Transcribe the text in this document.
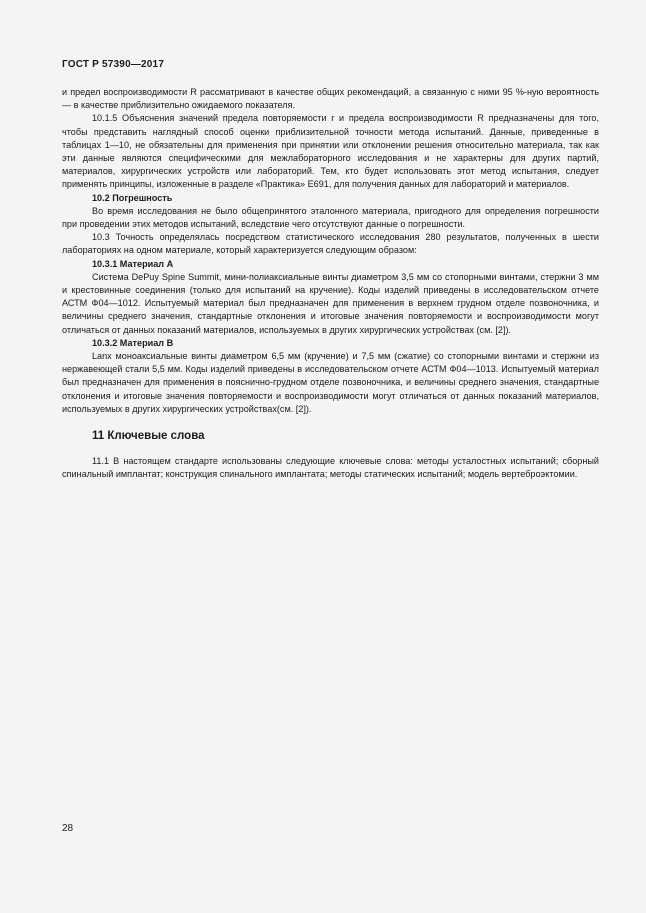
ГОСТ Р 57390—2017

и предел воспроизводимости R рассматривают в качестве общих рекомендаций, а связанную с ними 95 %-ную вероятность — в качестве приблизительно ожидаемого показателя.

10.1.5 Объяснения значений предела повторяемости r и предела воспроизводимости R предназначены для того, чтобы представить наглядный способ оценки приблизительной точности метода испытаний. Данные, приведенные в таблицах 1—10, не обязательны для применения при принятии или отклонении решения относительно материала, так как эти данные являются специфическими для межлабораторного исследования и не характерны для других партий, материалов, хирургических устройств или лабораторий. Тем, кто будет использовать этот метод испытания, следует применять принципы, изложенные в разделе «Практика» Е691, для получения данных для лабораторий и материалов.

10.2 Погрешность

Во время исследования не было общепринятого эталонного материала, пригодного для определения погрешности при проведении этих методов испытаний, вследствие чего отсутствуют данные о погрешности.

10.3 Точность определялась посредством статистического исследования 280 результатов, полученных в шести лабораториях на одном материале, который характеризуется следующим образом:

10.3.1 Материал А

Система DePuy Spine Summit, мини-полиаксиальные винты диаметром 3,5 мм со стопорными винтами, стержни 3 мм и крестовинные соединения (только для испытаний на кручение). Коды изделий приведены в исследовательском отчете АСТМ Ф04—1012. Испытуемый материал был предназначен для применения в верхнем грудном отделе позвоночника, и величины среднего значения, стандартные отклонения и итоговые значения повторяемости и воспроизводимости могут отличаться от данных показаний материалов, используемых в других хирургических устройствах (см. [2]).

10.3.2 Материал В

Lanx моноаксиальные винты диаметром 6,5 мм (кручение) и 7,5 мм (сжатие) со стопорными винтами и стержни из нержавеющей стали 5,5 мм. Коды изделий приведены в исследовательском отчете АСТМ Ф04—1013. Испытуемый материал был предназначен для применения в пояснично-грудном отделе позвоночника, и величины среднего значения, стандартные отклонения и итоговые значения повторяемости и воспроизводимости могут отличаться от данных показаний материалов, используемых в других хирургических устройствах(см. [2]).

11 Ключевые слова

11.1 В настоящем стандарте использованы следующие ключевые слова: методы усталостных испытаний; сборный спинальный имплантат; конструкция спинального имплантата; методы статических испытаний; модель вертеброэктомии.

28
